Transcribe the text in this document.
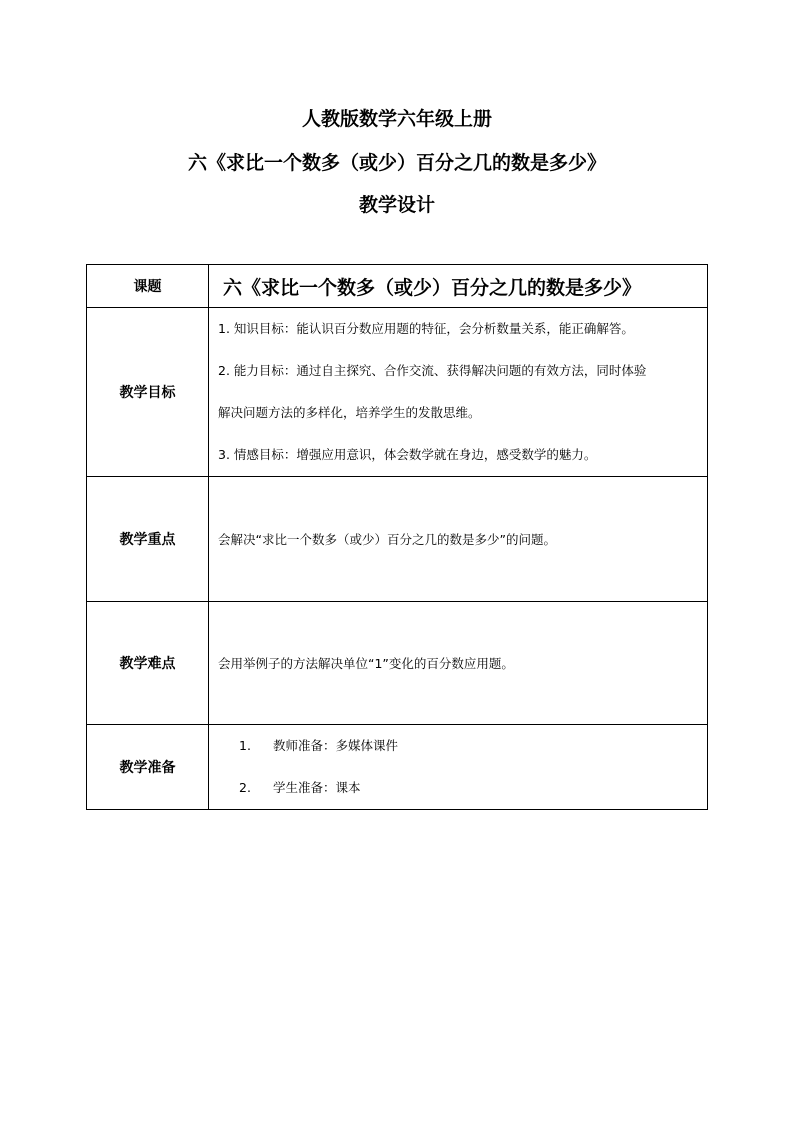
人教版数学六年级上册
六《求比一个数多（或少）百分之几的数是多少》
教学设计
课题	六《求比一个数多（或少）百分之几的数是多少》
教学目标	1. 知识目标：能认识百分数应用题的特征，会分析数量关系，能正确解答。
2. 能力目标：通过自主探究、合作交流、获得解决问题的有效方法，同时体验
解决问题方法的多样化，培养学生的发散思维。
3. 情感目标：增强应用意识，体会数学就在身边，感受数学的魅力。

教学重点	会解决“求比一个数多（或少）百分之几的数是多少”的问题。
教学难点	会用举例子的方法解决单位“1”变化的百分数应用题。
教学准备	1. 教师准备：多媒体课件
2. 学生准备：课本
